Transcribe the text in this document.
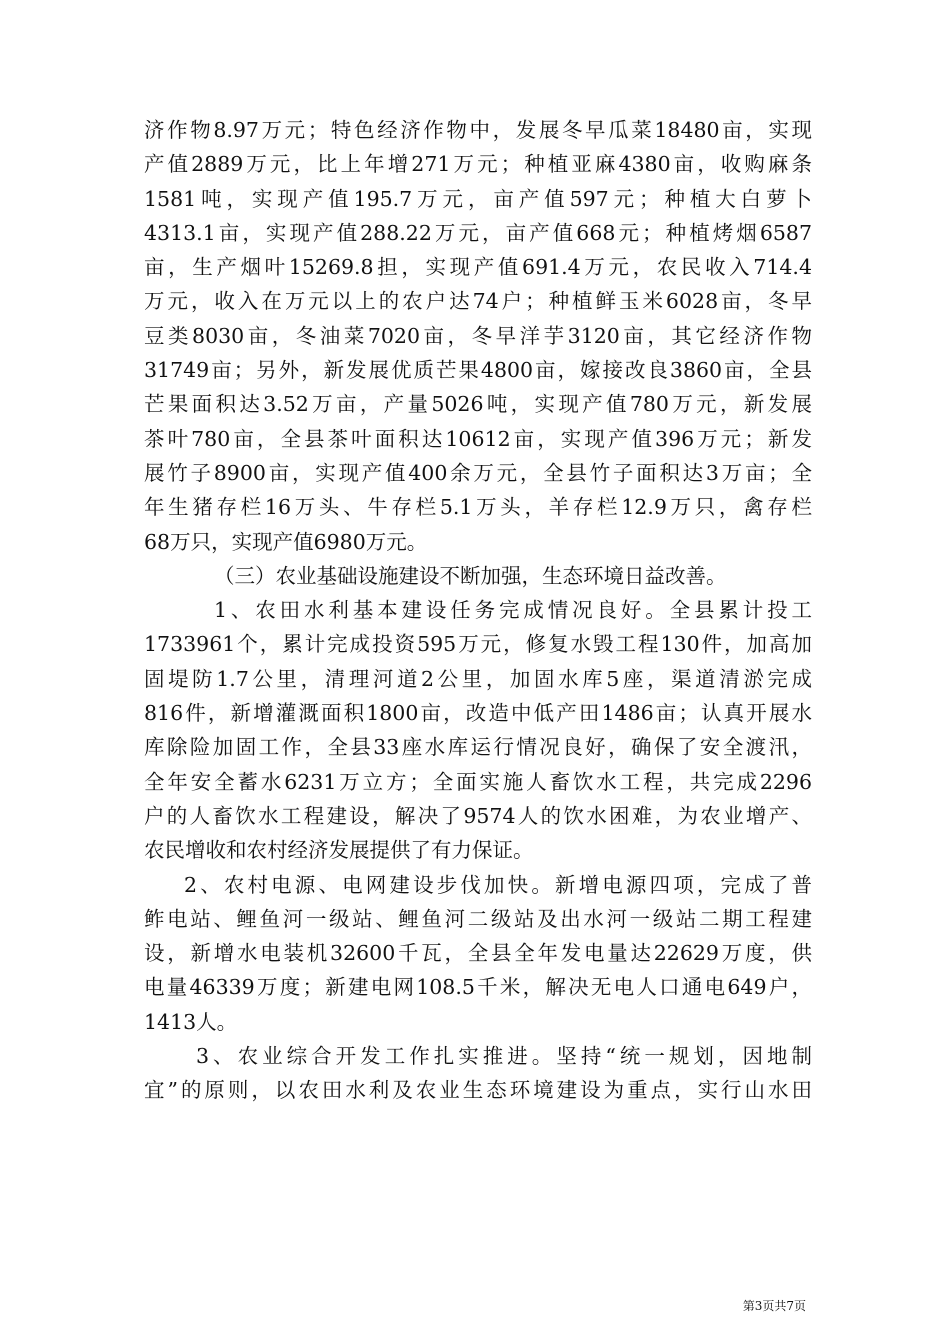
济作物8.97万元；特色经济作物中，发展冬早瓜菜18480亩，实现
产值2889万元，比上年增271万元；种植亚麻4380亩，收购麻条
1581吨，实现产值195.7万元，亩产值597元；种植大白萝卜
4313.1亩，实现产值288.22万元，亩产值668元；种植烤烟6587
亩，生产烟叶15269.8担，实现产值691.4万元，农民收入714.4
万元，收入在万元以上的农户达74户；种植鲜玉米6028亩，冬早
豆类8030亩，冬油菜7020亩，冬早洋芋3120亩，其它经济作物
31749亩；另外，新发展优质芒果4800亩，嫁接改良3860亩，全县
芒果面积达3.52万亩，产量5026吨，实现产值780万元，新发展
茶叶780亩，全县茶叶面积达10612亩，实现产值396万元；新发
展竹子8900亩，实现产值400余万元，全县竹子面积达3万亩；全
年生猪存栏16万头、牛存栏5.1万头，羊存栏12.9万只，禽存栏
68万只，实现产值6980万元。
（三）农业基础设施建设不断加强，生态环境日益改善。
1、农田水利基本建设任务完成情况良好。全县累计投工
1733961个，累计完成投资595万元，修复水毁工程130件，加高加
固堤防1.7公里，清理河道2公里，加固水库5座，渠道清淤完成
816件，新增灌溉面积1800亩，改造中低产田1486亩；认真开展水
库除险加固工作，全县33座水库运行情况良好，确保了安全渡汛，
全年安全蓄水6231万立方；全面实施人畜饮水工程，共完成2296
户的人畜饮水工程建设，解决了9574人的饮水困难，为农业增产、
农民增收和农村经济发展提供了有力保证。
2、农村电源、电网建设步伐加快。新增电源四项，完成了普
鲊电站、鲤鱼河一级站、鲤鱼河二级站及出水河一级站二期工程建
设，新增水电装机32600千瓦，全县全年发电量达22629万度，供
电量46339万度；新建电网108.5千米，解决无电人口通电649户，
1413人。
3、农业综合开发工作扎实推进。坚持“统一规划，因地制
宜”的原则，以农田水利及农业生态环境建设为重点，实行山水田
第3页共7页
